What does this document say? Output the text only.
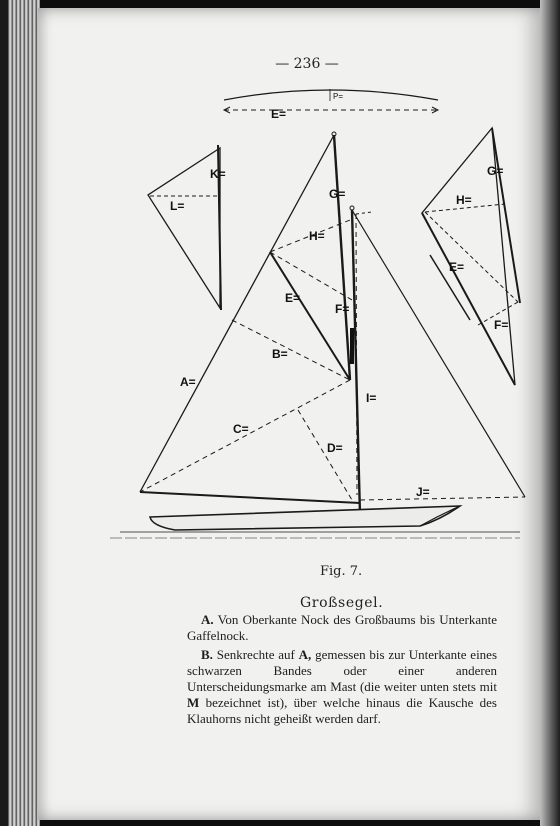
— 236 —
P=
E=
K=
L=
G=
H=
E=
F=
B=
A=
I=
C=
D=
J=
G=
H=
E=
F=
Fig. 7.
Großsegel.
A. Von Oberkante Nock des Großbaums bis Unterkante Gaffelnock.
B. Senkrechte auf A, gemessen bis zur Unterkante eines schwarzen Bandes oder einer anderen Unterscheidungsmarke am Mast (die weiter unten stets mit M bezeichnet ist), über welche hinaus die Kausche des Klauhorns nicht geheißt werden darf.
